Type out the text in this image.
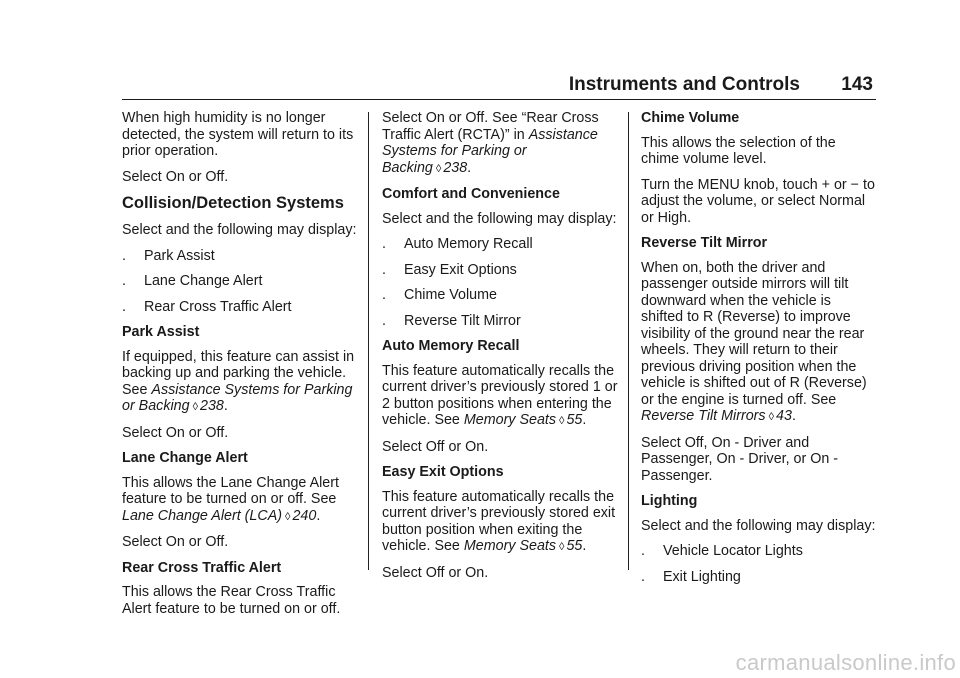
Instruments and Controls 143

When high humidity is no longer detected, the system will return to its prior operation.

Select On or Off.

Collision/Detection Systems

Select and the following may display:

.	Park Assist
.	Lane Change Alert
.	Rear Cross Traffic Alert
Park Assist

If equipped, this feature can assist in backing up and parking the vehicle. See Assistance Systems for Parking or Backing ◊ 238.

Select On or Off.

Lane Change Alert

This allows the Lane Change Alert feature to be turned on or off. See Lane Change Alert (LCA) ◊ 240.

Select On or Off.

Rear Cross Traffic Alert

This allows the Rear Cross Traffic Alert feature to be turned on or off.

Select On or Off. See “Rear Cross Traffic Alert (RCTA)” in Assistance Systems for Parking or Backing ◊ 238.

Comfort and Convenience

Select and the following may display:

.	Auto Memory Recall
.	Easy Exit Options
.	Chime Volume
.	Reverse Tilt Mirror
Auto Memory Recall

This feature automatically recalls the current driver’s previously stored 1 or 2 button positions when entering the vehicle. See Memory Seats ◊ 55.

Select Off or On.

Easy Exit Options

This feature automatically recalls the current driver’s previously stored exit button position when exiting the vehicle. See Memory Seats ◊ 55.

Select Off or On.

Chime Volume

This allows the selection of the chime volume level.

Turn the MENU knob, touch + or − to adjust the volume, or select Normal or High.

Reverse Tilt Mirror

When on, both the driver and passenger outside mirrors will tilt downward when the vehicle is shifted to R (Reverse) to improve visibility of the ground near the rear wheels. They will return to their previous driving position when the vehicle is shifted out of R (Reverse) or the engine is turned off. See Reverse Tilt Mirrors ◊ 43.

Select Off, On - Driver and Passenger, On - Driver, or On - Passenger.

Lighting

Select and the following may display:

.	Vehicle Locator Lights
.	Exit Lighting
carmanualsonline.info
